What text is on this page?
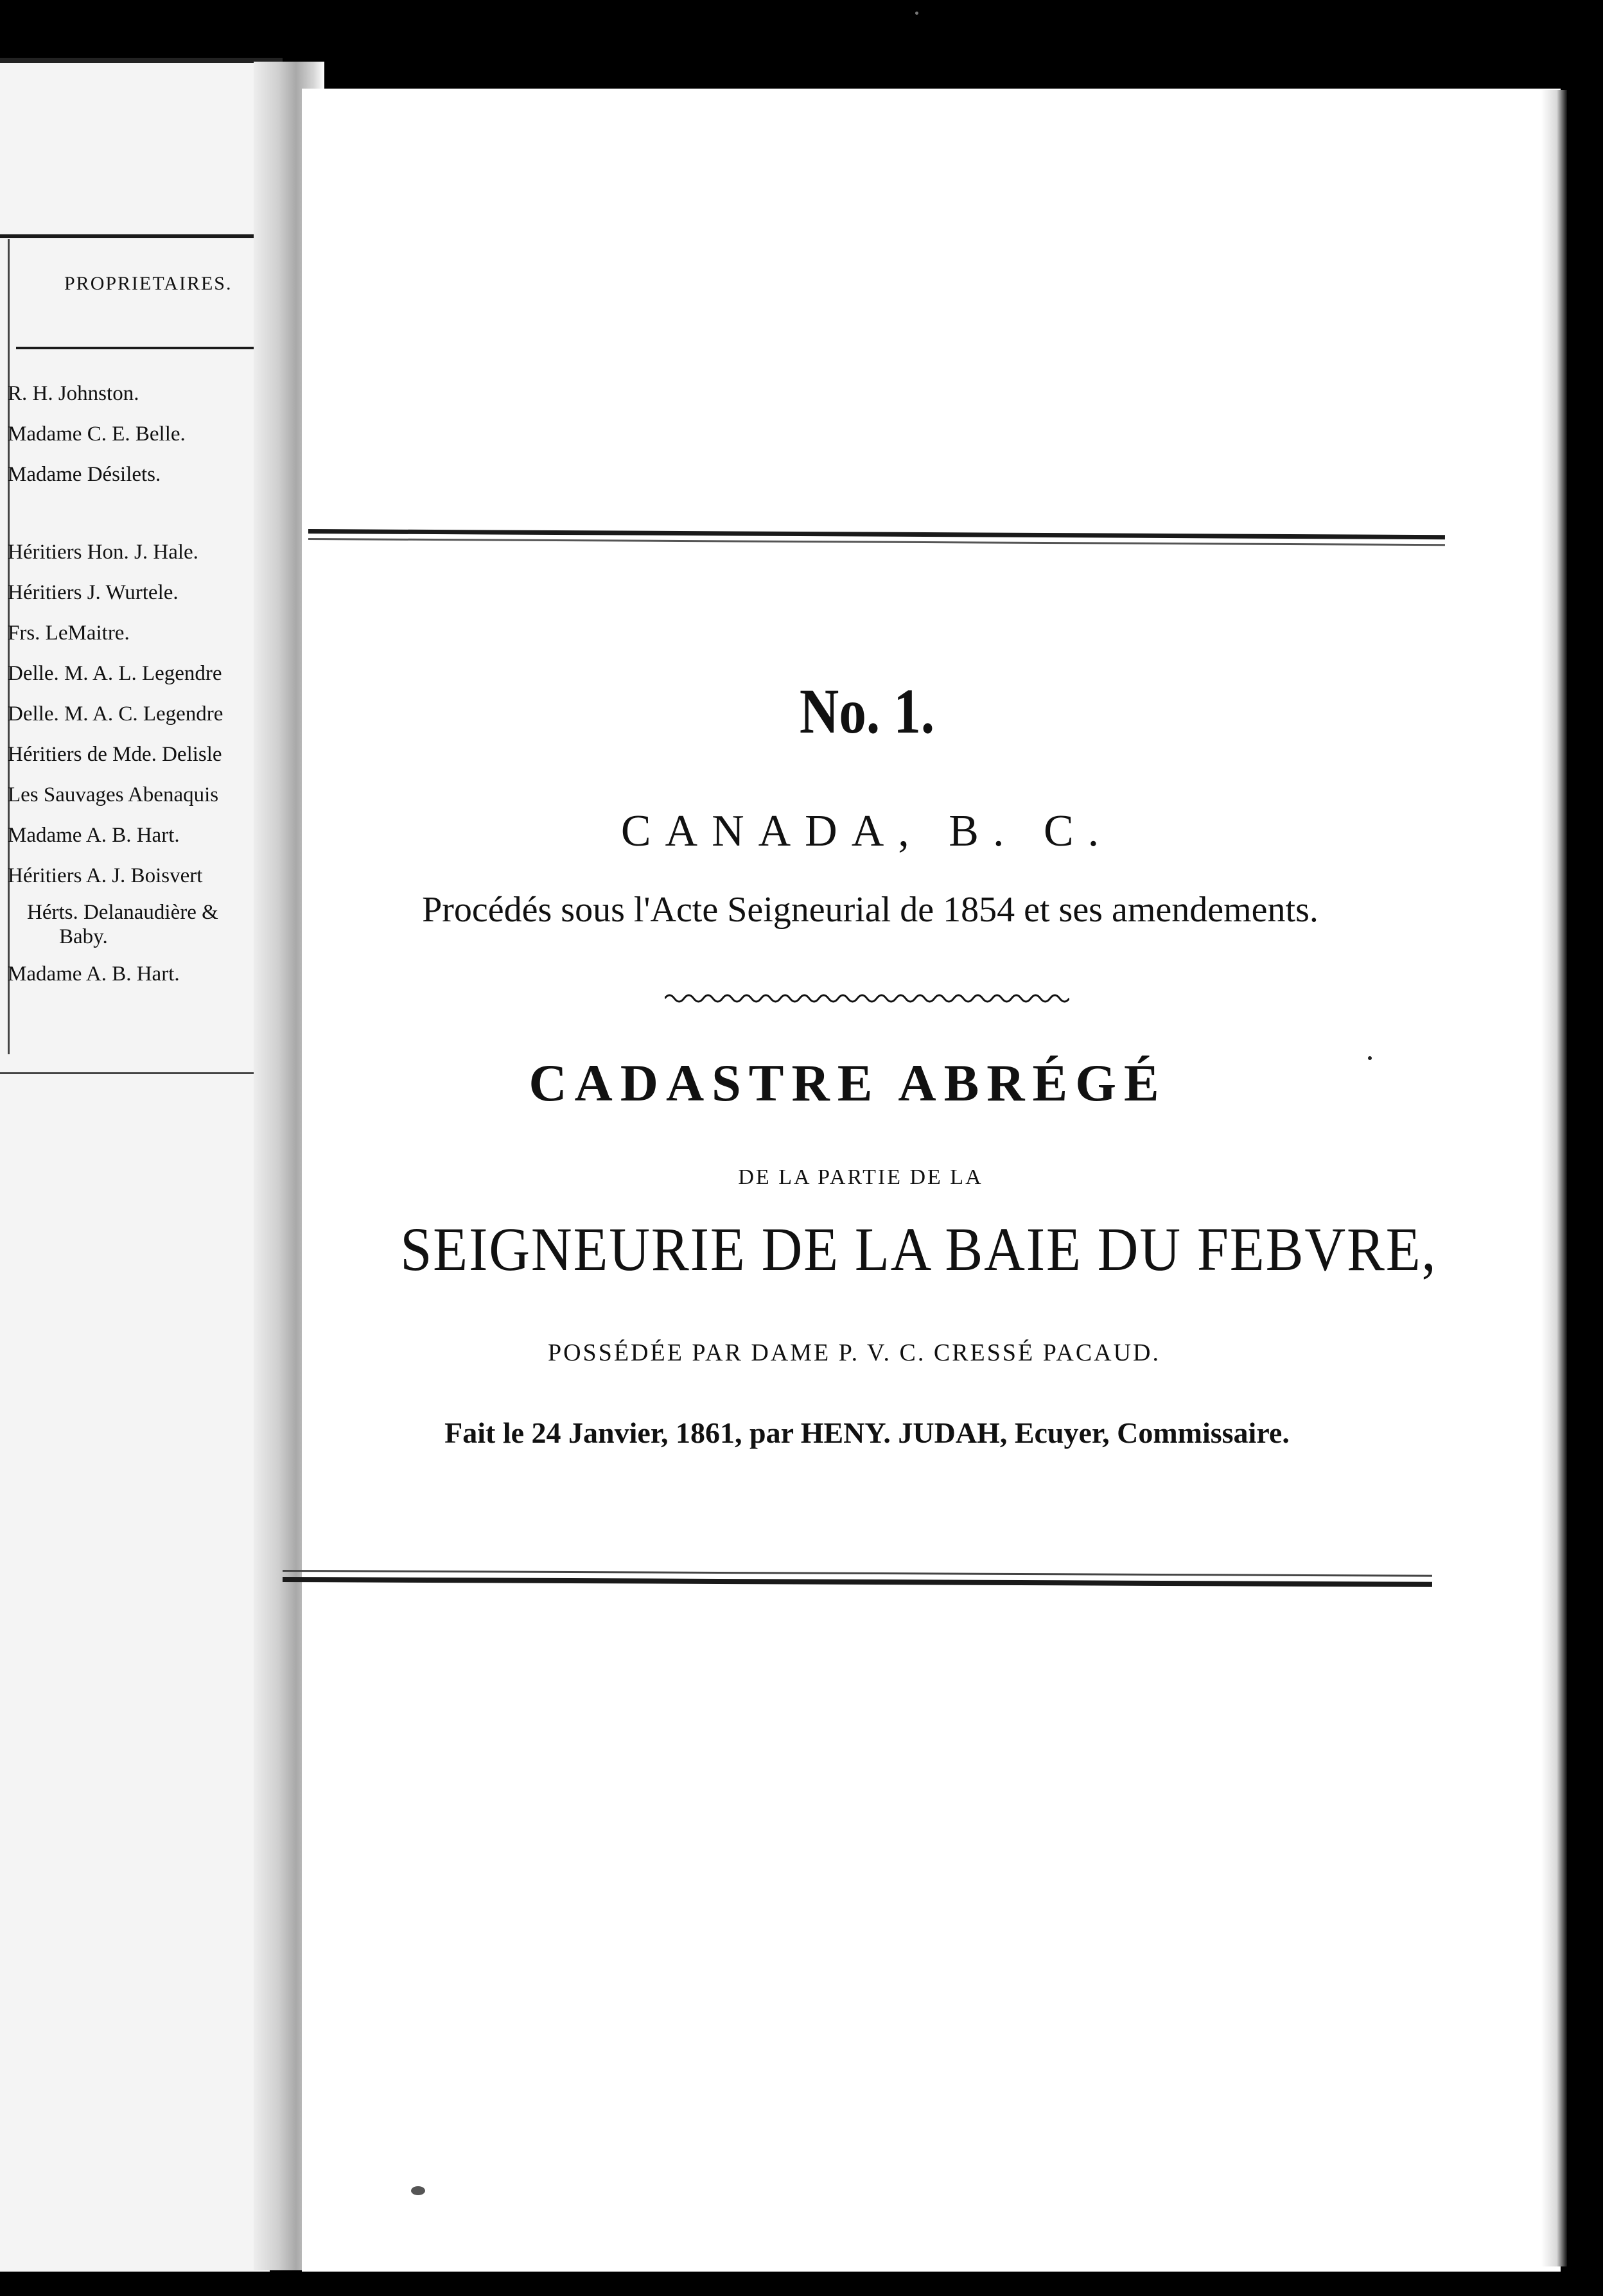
PROPRIETAIRES.
R. H. Johnston.
Madame C. E. Belle.
Madame Désilets.
Héritiers Hon. J. Hale.
Héritiers J. Wurtele.
Frs. LeMaitre.
Delle. M. A. L. Legendre
Delle. M. A. C. Legendre
Héritiers de Mde. Delisle
Les Sauvages Abenaquis
Madame A. B. Hart.
Héritiers A. J. Boisvert
Hérts. Delanaudière &
Baby.
Madame A. B. Hart.
No. 1.
CANADA, B. C.
Procédés sous l'Acte Seigneurial de 1854 et ses amendements.
CADASTRE ABRÉGÉ
DE LA PARTIE DE LA
SEIGNEURIE DE LA BAIE DU FEBVRE,
POSSÉDÉE PAR DAME P. V. C. CRESSÉ PACAUD.
Fait le 24 Janvier, 1861, par HENY. JUDAH, Ecuyer, Commissaire.
